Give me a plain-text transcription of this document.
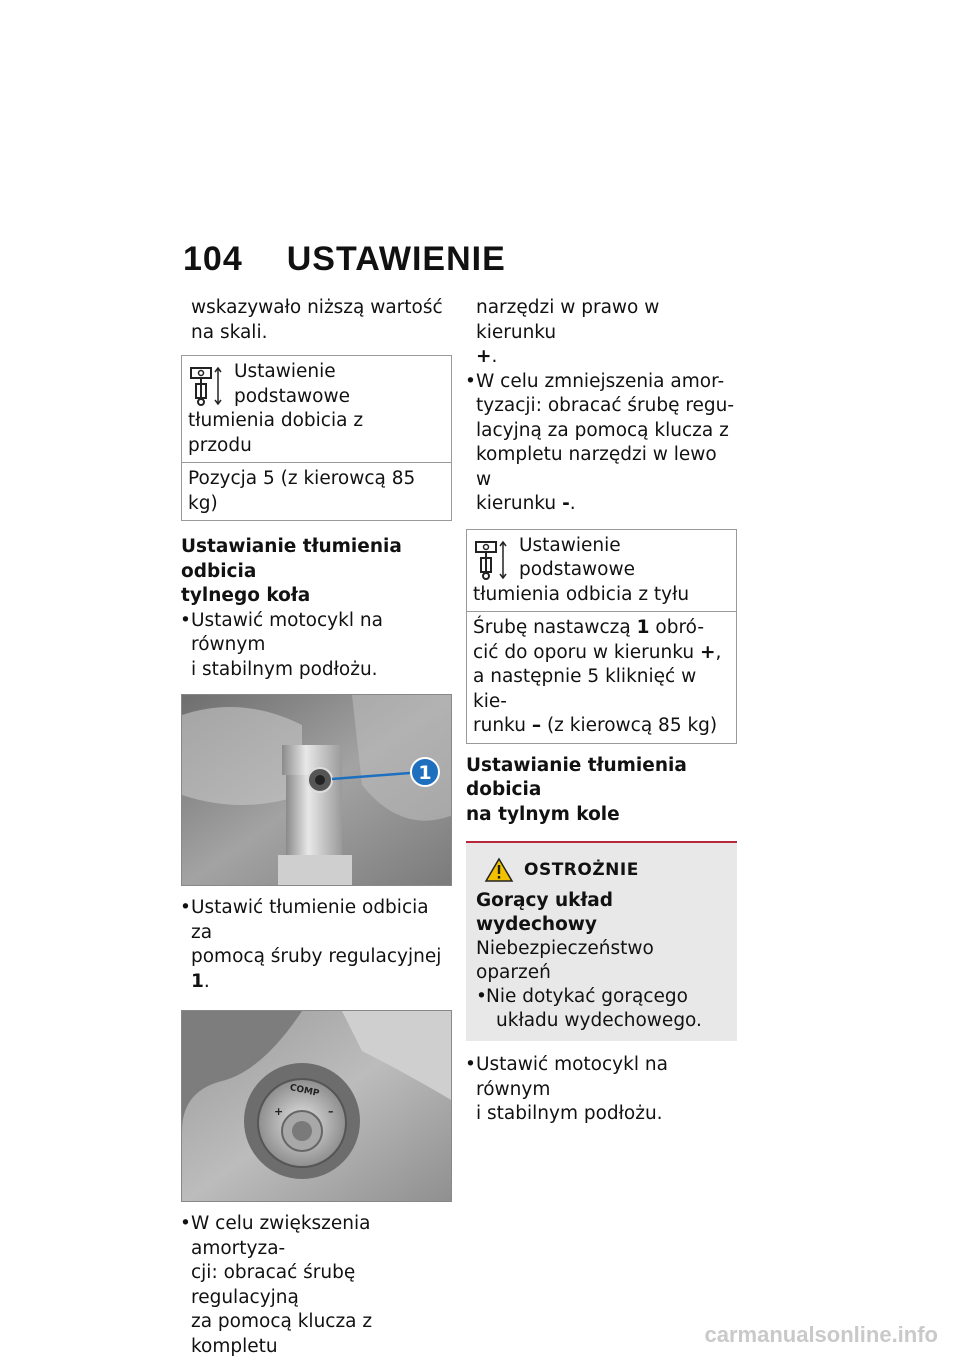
104 USTAWIENIE

wskazywało niższą wartość
na skali.

Ustawienie podstawowe
tłumienia dobicia z
przodu
Pozycja 5 (z kierowcą 85 kg)
Ustawianie tłumienia odbicia
tylnego koła
• Ustawić motocykl na równym
i stabilnym podłożu.
1
• Ustawić tłumienie odbicia za
pomocą śruby regulacyjnej 1.
COMP
+	–
• W celu zwiększenia amortyza-
cji: obracać śrubę regulacyjną
za pomocą klucza z kompletu

narzędzi w prawo w kierunku
+.

• W celu zmniejszenia amor-
tyzacji: obracać śrubę regu-
lacyjną za pomocą klucza z
kompletu narzędzi w lewo w
kierunku -.
Ustawienie podstawowe
tłumienia odbicia z tyłu
Śrubę nastawczą 1 obró-
cić do oporu w kierunku +,
a następnie 5 kliknięć w kie-
runku – (z kierowcą 85 kg)
Ustawianie tłumienia dobicia
na tylnym kole
OSTROŻNIE
Gorący układ wydechowy
Niebezpieczeństwo oparzeń
• Nie dotykać gorącego
układu wydechowego.
• Ustawić motocykl na równym
i stabilnym podłożu.
carmanualsonline.info
